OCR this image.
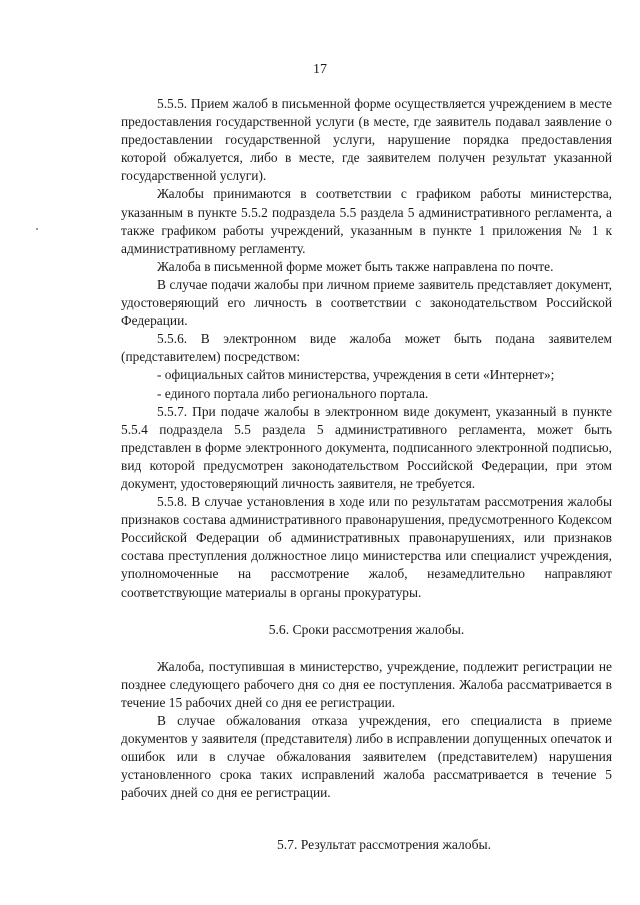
17

5.5.5. Прием жалоб в письменной форме осуществляется учреждением в месте предоставления государственной услуги (в месте, где заявитель подавал заявление о предоставлении государственной услуги, нарушение порядка предоставления которой обжалуется, либо в месте, где заявителем получен результат указанной государственной услуги).

Жалобы принимаются в соответствии с графиком работы министерства, указанным в пункте 5.5.2 подраздела 5.5 раздела 5 административного регламента, а также графиком работы учреждений, указанным в пункте 1 приложения № 1 к административному регламенту.

Жалоба в письменной форме может быть также направлена по почте.

В случае подачи жалобы при личном приеме заявитель представляет документ, удостоверяющий его личность в соответствии с законодательством Российской Федерации.

5.5.6. В электронном виде жалоба может быть подана заявителем (представителем) посредством:

- официальных сайтов министерства, учреждения в сети «Интернет»;

- единого портала либо регионального портала.

5.5.7. При подаче жалобы в электронном виде документ, указанный в пункте 5.5.4 подраздела 5.5 раздела 5 административного регламента, может быть представлен в форме электронного документа, подписанного электронной подписью, вид которой предусмотрен законодательством Российской Федерации, при этом документ, удостоверяющий личность заявителя, не требуется.

5.5.8. В случае установления в ходе или по результатам рассмотрения жалобы признаков состава административного правонарушения, предусмотренного Кодексом Российской Федерации об административных правонарушениях, или признаков состава преступления должностное лицо министерства или специалист учреждения, уполномоченные на рассмотрение жалоб, незамедлительно направляют соответствующие материалы в органы прокуратуры.

5.6. Сроки рассмотрения жалобы.

Жалоба, поступившая в министерство, учреждение, подлежит регистрации не позднее следующего рабочего дня со дня ее поступления. Жалоба рассматривается в течение 15 рабочих дней со дня ее регистрации.

В случае обжалования отказа учреждения, его специалиста в приеме документов у заявителя (представителя) либо в исправлении допущенных опечаток и ошибок или в случае обжалования заявителем (представителем) нарушения установленного срока таких исправлений жалоба рассматривается в течение 5 рабочих дней со дня ее регистрации.

5.7. Результат рассмотрения жалобы.
